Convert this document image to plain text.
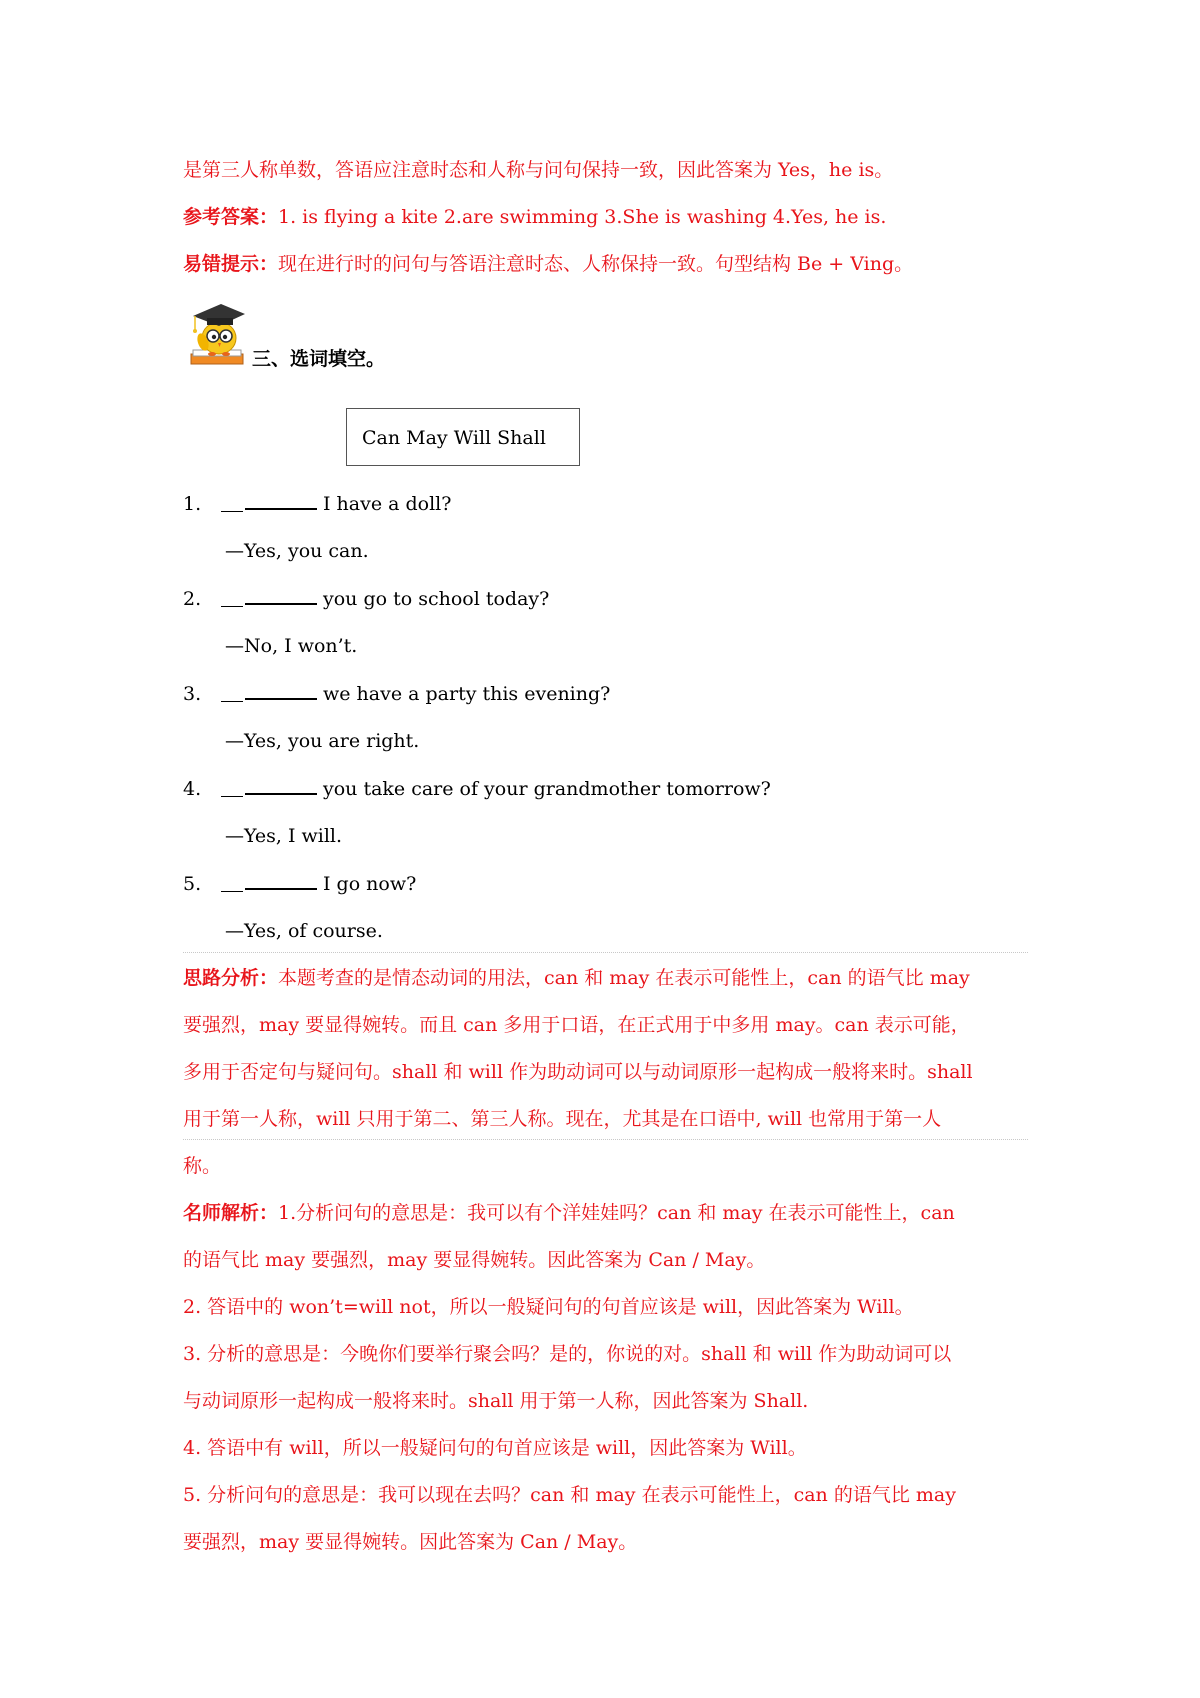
是第三人称单数，答语应注意时态和人称与问句保持一致，因此答案为 Yes，he is。
参考答案：1. is flying a kite 2.are swimming 3.She is washing 4.Yes, he is.
易错提示：现在进行时的问句与答语注意时态、人称保持一致。句型结构 Be + Ving。
三、选词填空。
Can May Will Shall
1.	I have a doll?
—Yes, you can.
2.	you go to school today?
—No, I won’t.
3.	we have a party this evening?
—Yes, you are right.
4.	you take care of your grandmother tomorrow?
—Yes, I will.
5.	I go now?
—Yes, of course.
思路分析：本题考查的是情态动词的用法，can 和 may 在表示可能性上，can 的语气比 may
要强烈，may 要显得婉转。而且 can 多用于口语，在正式用于中多用 may。can 表示可能，
多用于否定句与疑问句。shall 和 will 作为助动词可以与动词原形一起构成一般将来时。shall
用于第一人称，will 只用于第二、第三人称。现在，尤其是在口语中, will 也常用于第一人
称。
名师解析：1.分析问句的意思是：我可以有个洋娃娃吗？can 和 may 在表示可能性上，can
的语气比 may 要强烈，may 要显得婉转。因此答案为 Can / May。
2. 答语中的 won’t=will not，所以一般疑问句的句首应该是 will，因此答案为 Will。
3. 分析的意思是：今晚你们要举行聚会吗？是的，你说的对。shall 和 will 作为助动词可以
与动词原形一起构成一般将来时。shall 用于第一人称，因此答案为 Shall.
4. 答语中有 will，所以一般疑问句的句首应该是 will，因此答案为 Will。
5. 分析问句的意思是：我可以现在去吗？can 和 may 在表示可能性上，can 的语气比 may
要强烈，may 要显得婉转。因此答案为 Can / May。
